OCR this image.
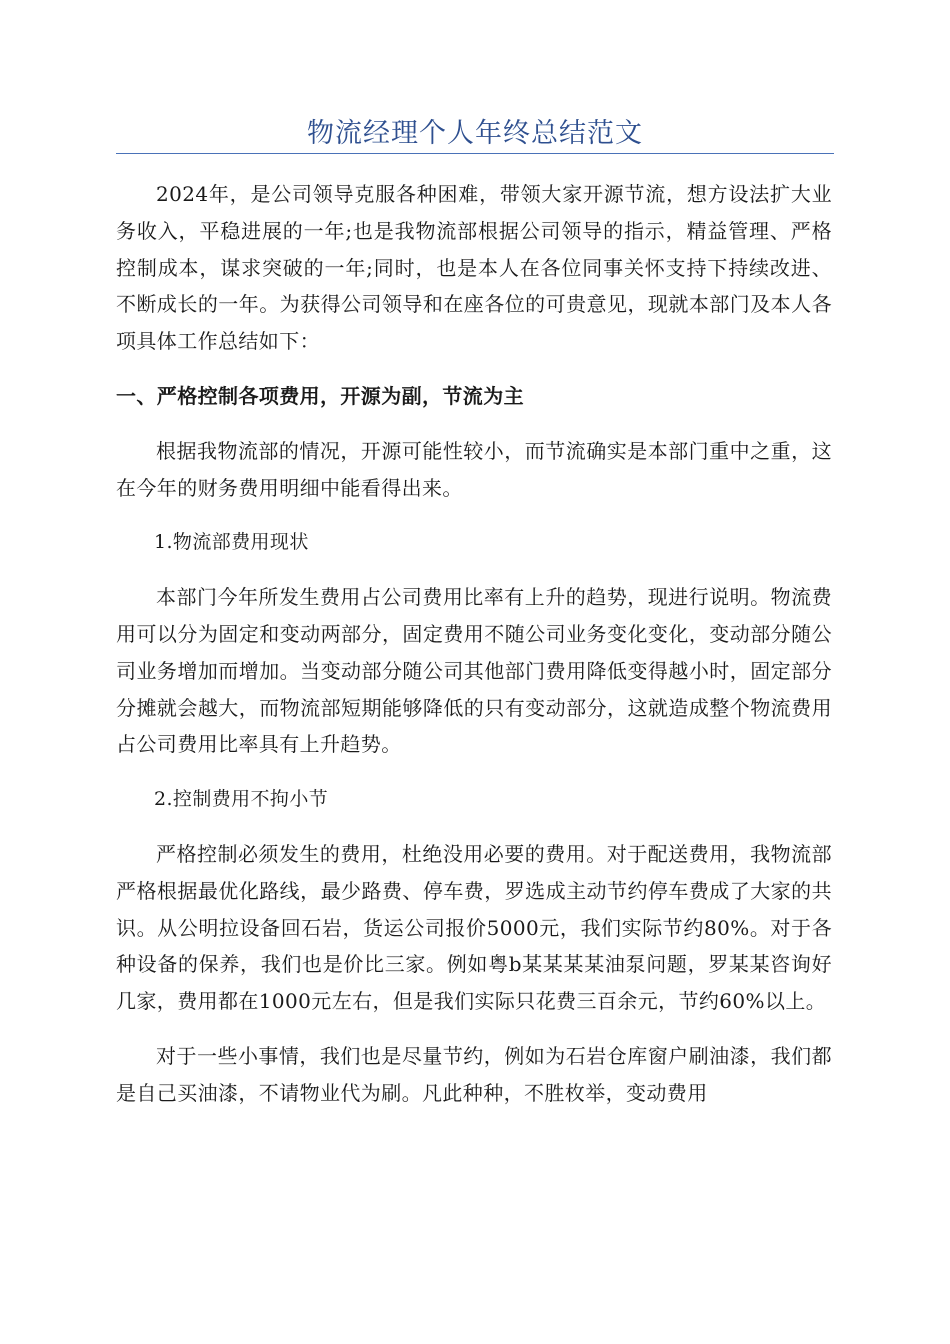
物流经理个人年终总结范文

2024年，是公司领导克服各种困难，带领大家开源节流，想方设法扩大业务收入，平稳进展的一年;也是我物流部根据公司领导的指示，精益管理、严格控制成本，谋求突破的一年;同时，也是本人在各位同事关怀支持下持续改进、不断成长的一年。为获得公司领导和在座各位的可贵意见，现就本部门及本人各项具体工作总结如下：

一、严格控制各项费用，开源为副，节流为主

根据我物流部的情况，开源可能性较小，而节流确实是本部门重中之重，这在今年的财务费用明细中能看得出来。

1.物流部费用现状

本部门今年所发生费用占公司费用比率有上升的趋势，现进行说明。物流费用可以分为固定和变动两部分，固定费用不随公司业务变化变化，变动部分随公司业务增加而增加。当变动部分随公司其他部门费用降低变得越小时，固定部分分摊就会越大，而物流部短期能够降低的只有变动部分，这就造成整个物流费用占公司费用比率具有上升趋势。

2.控制费用不拘小节

严格控制必须发生的费用，杜绝没用必要的费用。对于配送费用，我物流部严格根据最优化路线，最少路费、停车费，罗选成主动节约停车费成了大家的共识。从公明拉设备回石岩，货运公司报价5000元，我们实际节约80%。对于各种设备的保养，我们也是价比三家。例如粤b某某某某油泵问题，罗某某咨询好几家，费用都在1000元左右，但是我们实际只花费三百余元，节约60%以上。

对于一些小事情，我们也是尽量节约，例如为石岩仓库窗户刷油漆，我们都是自己买油漆，不请物业代为刷。凡此种种，不胜枚举，变动费用
